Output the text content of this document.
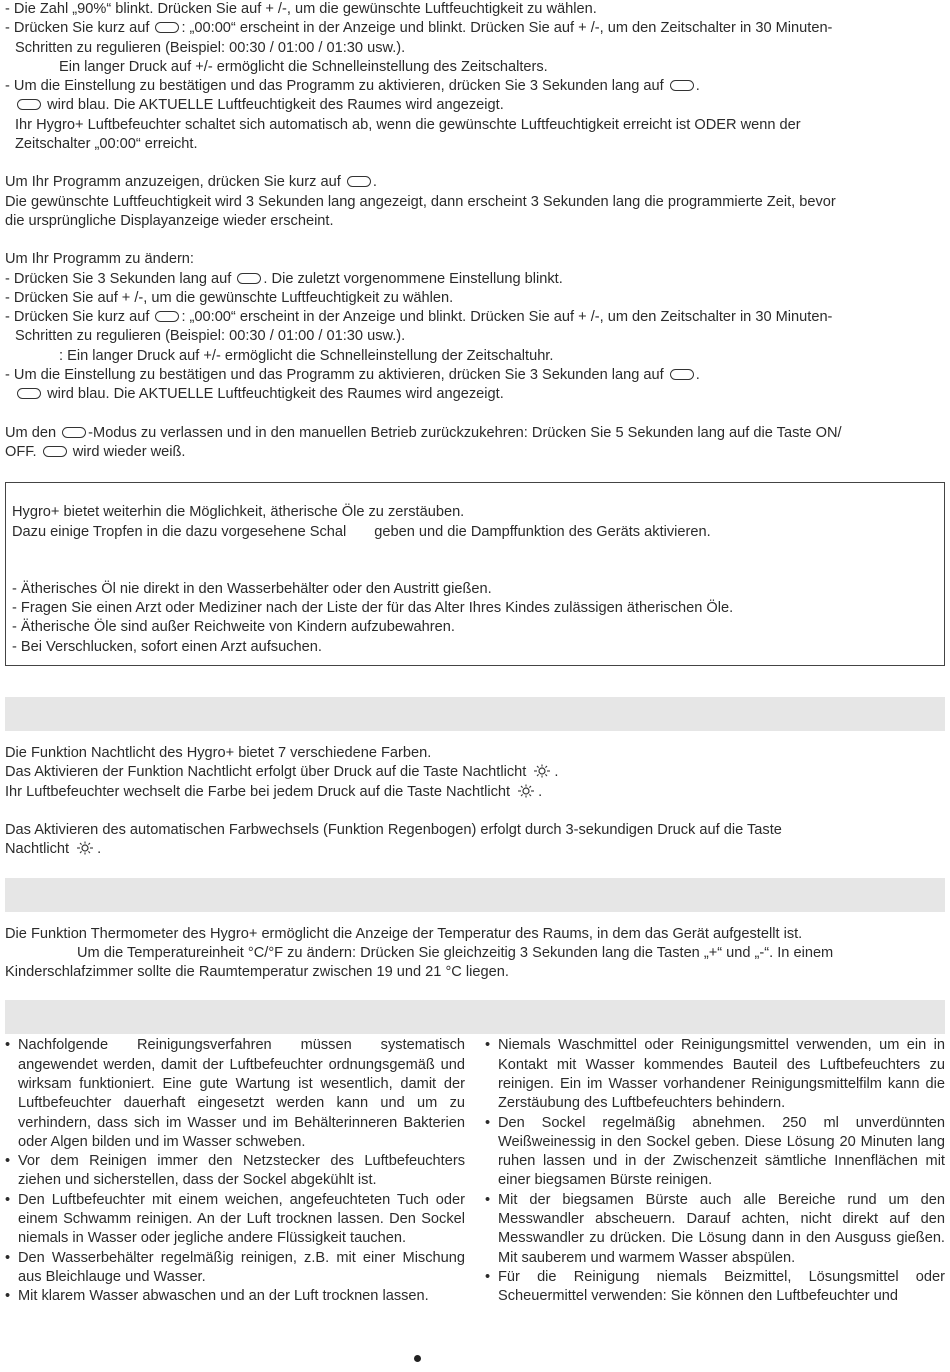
- Die Zahl „90%“ blinkt. Drücken Sie auf + /-, um die gewünschte Luftfeuchtigkeit zu wählen.

- Drücken Sie kurz auf : „00:00“ erscheint in der Anzeige und blinkt. Drücken Sie auf + /-, um den Zeitschalter in 30 Minuten-

Schritten zu regulieren (Beispiel: 00:30 / 01:00 / 01:30 usw.).

Ein langer Druck auf +/- ermöglicht die Schnelleinstellung des Zeitschalters.

- Um die Einstellung zu bestätigen und das Programm zu aktivieren, drücken Sie 3 Sekunden lang auf .

wird blau. Die AKTUELLE Luftfeuchtigkeit des Raumes wird angezeigt.

Ihr Hygro+ Luftbefeuchter schaltet sich automatisch ab, wenn die gewünschte Luftfeuchtigkeit erreicht ist ODER wenn der

Zeitschalter „00:00“ erreicht.

Um Ihr Programm anzuzeigen, drücken Sie kurz auf .

Die gewünschte Luftfeuchtigkeit wird 3 Sekunden lang angezeigt, dann erscheint 3 Sekunden lang die programmierte Zeit, bevor

die ursprüngliche Displayanzeige wieder erscheint.

Um Ihr Programm zu ändern:

- Drücken Sie 3 Sekunden lang auf . Die zuletzt vorgenommene Einstellung blinkt.

- Drücken Sie auf + /-, um die gewünschte Luftfeuchtigkeit zu wählen.

- Drücken Sie kurz auf : „00:00“ erscheint in der Anzeige und blinkt. Drücken Sie auf + /-, um den Zeitschalter in 30 Minuten-

Schritten zu regulieren (Beispiel: 00:30 / 01:00 / 01:30 usw.).

: Ein langer Druck auf +/- ermöglicht die Schnelleinstellung der Zeitschaltuhr.

- Um die Einstellung zu bestätigen und das Programm zu aktivieren, drücken Sie 3 Sekunden lang auf .

wird blau. Die AKTUELLE Luftfeuchtigkeit des Raumes wird angezeigt.

Um den -Modus zu verlassen und in den manuellen Betrieb zurückzukehren: Drücken Sie 5 Sekunden lang auf die Taste ON/

OFF. wird wieder weiß.

Hygro+ bietet weiterhin die Möglichkeit, ätherische Öle zu zerstäuben.

Dazu einige Tropfen in die dazu vorgesehene Schal geben und die Dampffunktion des Geräts aktivieren.

- Ätherisches Öl nie direkt in den Wasserbehälter oder den Austritt gießen.

- Fragen Sie einen Arzt oder Mediziner nach der Liste der für das Alter Ihres Kindes zulässigen ätherischen Öle.

- Ätherische Öle sind außer Reichweite von Kindern aufzubewahren.

- Bei Verschlucken, sofort einen Arzt aufsuchen.

Die Funktion Nachtlicht des Hygro+ bietet 7 verschiedene Farben.

Das Aktivieren der Funktion Nachtlicht erfolgt über Druck auf die Taste Nachtlicht .

Ihr Luftbefeuchter wechselt die Farbe bei jedem Druck auf die Taste Nachtlicht .

Das Aktivieren des automatischen Farbwechsels (Funktion Regenbogen) erfolgt durch 3-sekundigen Druck auf die Taste

Nachtlicht .

Die Funktion Thermometer des Hygro+ ermöglicht die Anzeige der Temperatur des Raums, in dem das Gerät aufgestellt ist.

Um die Temperatureinheit °C/°F zu ändern: Drücken Sie gleichzeitig 3 Sekunden lang die Tasten „+“ und „-“. In einem

Kinderschlafzimmer sollte die Raumtemperatur zwischen 19 und 21 °C liegen.

• Nachfolgende Reinigungsverfahren müssen systematisch angewendet werden, damit der Luftbefeuchter ordnungsgemäß und wirksam funktioniert. Eine gute Wartung ist wesentlich, damit der Luftbefeuchter dauerhaft eingesetzt werden kann und um zu verhindern, dass sich im Wasser und im Behälterinneren Bakterien oder Algen bilden und im Wasser schweben.

• Vor dem Reinigen immer den Netzstecker des Luftbefeuchters ziehen und sicherstellen, dass der Sockel abgekühlt ist.

• Den Luftbefeuchter mit einem weichen, angefeuchteten Tuch oder einem Schwamm reinigen. An der Luft trocknen lassen. Den Sockel niemals in Wasser oder jegliche andere Flüssigkeit tauchen.

• Den Wasserbehälter regelmäßig reinigen, z.B. mit einer Mischung aus Bleichlauge und Wasser.

• Mit klarem Wasser abwaschen und an der Luft trocknen lassen.

• Niemals Waschmittel oder Reinigungsmittel verwenden, um ein in Kontakt mit Wasser kommendes Bauteil des Luftbefeuchters zu reinigen. Ein im Wasser vorhandener Reinigungsmittelfilm kann die Zerstäubung des Luftbefeuchters behindern.

• Den Sockel regelmäßig abnehmen. 250 ml unverdünnten Weißweinessig in den Sockel geben. Diese Lösung 20 Minuten lang ruhen lassen und in der Zwischenzeit sämtliche Innenflächen mit einer biegsamen Bürste reinigen.

• Mit der biegsamen Bürste auch alle Bereiche rund um den Messwandler abscheuern. Darauf achten, nicht direkt auf den Messwandler zu drücken. Die Lösung dann in den Ausguss gießen. Mit sauberem und warmem Wasser abspülen.

• Für die Reinigung niemals Beizmittel, Lösungsmittel oder Scheuermittel verwenden: Sie können den Luftbefeuchter und
